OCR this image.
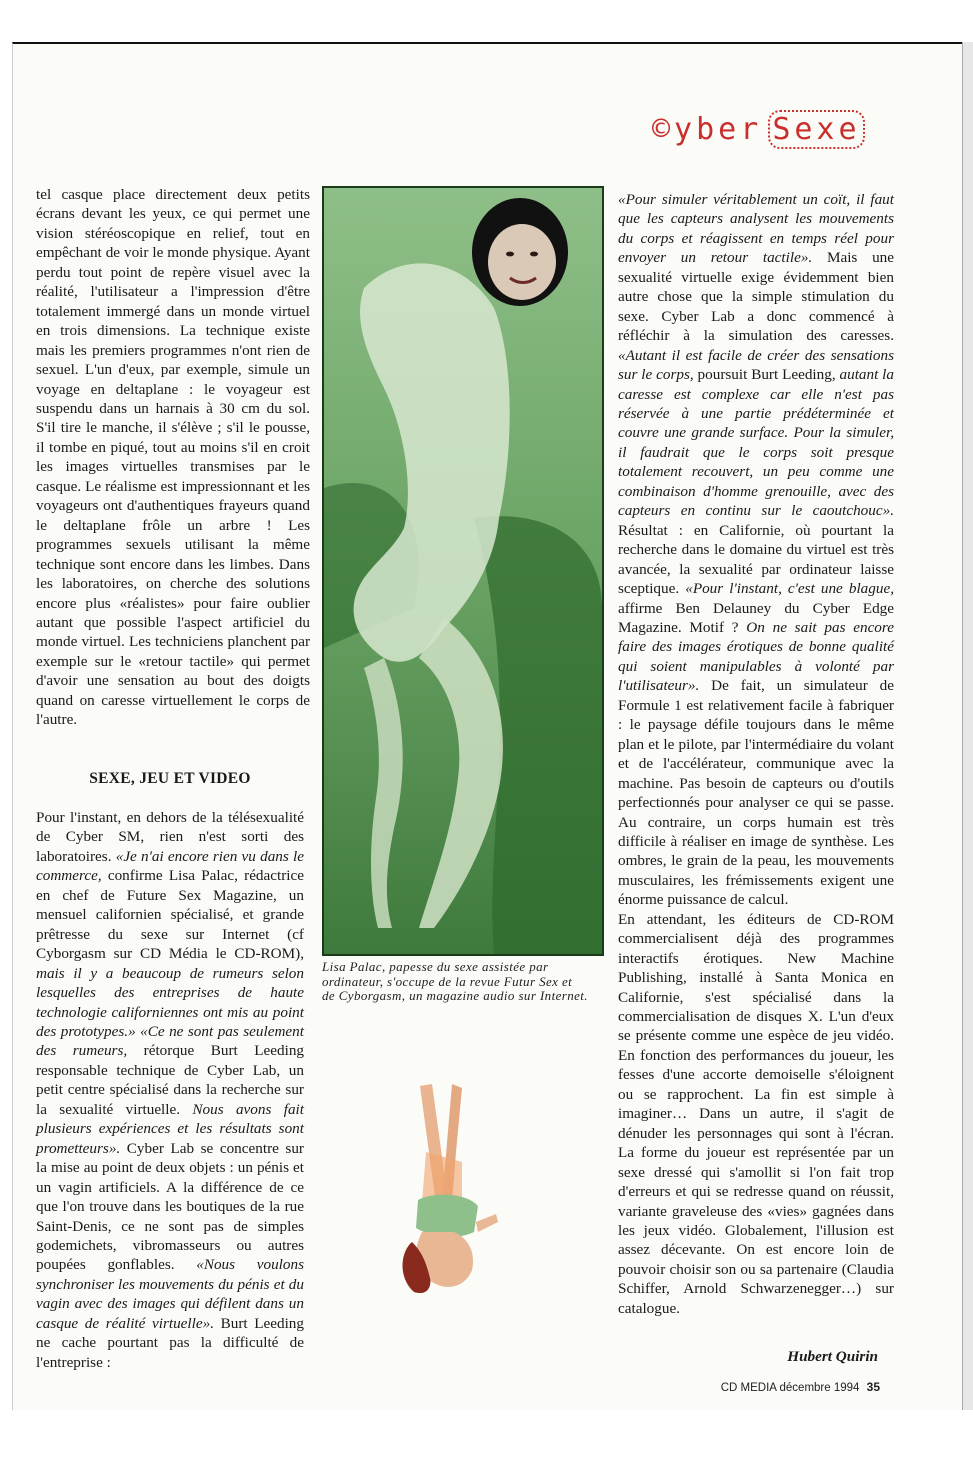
©yber Sexe

tel casque place directement deux petits écrans devant les yeux, ce qui permet une vision stéréoscopique en relief, tout en empêchant de voir le monde physique. Ayant perdu tout point de repère visuel avec la réalité, l'utilisateur a l'impression d'être totalement immergé dans un monde virtuel en trois dimensions. La technique existe mais les premiers programmes n'ont rien de sexuel. L'un d'eux, par exemple, simule un voyage en deltaplane : le voyageur est suspendu dans un harnais à 30 cm du sol. S'il tire le manche, il s'élève ; s'il le pousse, il tombe en piqué, tout au moins s'il en croit les images virtuelles transmises par le casque. Le réalisme est impressionnant et les voyageurs ont d'authentiques frayeurs quand le deltaplane frôle un arbre ! Les programmes sexuels utilisant la même technique sont encore dans les limbes. Dans les laboratoires, on cherche des solutions encore plus «réalistes» pour faire oublier autant que possible l'aspect artificiel du monde virtuel. Les techniciens planchent par exemple sur le «retour tactile» qui permet d'avoir une sensation au bout des doigts quand on caresse virtuellement le corps de l'autre.

SEXE, JEU ET VIDEO

Pour l'instant, en dehors de la télésexualité de Cyber SM, rien n'est sorti des laboratoires. «Je n'ai encore rien vu dans le commerce, confirme Lisa Palac, rédactrice en chef de Future Sex Magazine, un mensuel californien spécialisé, et grande prêtresse du sexe sur Internet (cf Cyborgasm sur CD Média le CD-ROM), mais il y a beaucoup de rumeurs selon lesquelles des entreprises de haute technologie californiennes ont mis au point des prototypes.» «Ce ne sont pas seulement des rumeurs, rétorque Burt Leeding responsable technique de Cyber Lab, un petit centre spécialisé dans la recherche sur la sexualité virtuelle. Nous avons fait plusieurs expériences et les résultats sont prometteurs». Cyber Lab se concentre sur la mise au point de deux objets : un pénis et un vagin artificiels. A la différence de ce que l'on trouve dans les boutiques de la rue Saint-Denis, ce ne sont pas de simples godemichets, vibromasseurs ou autres poupées gonflables. «Nous voulons synchroniser les mouvements du pénis et du vagin avec des images qui défilent dans un casque de réalité virtuelle». Burt Leeding ne cache pourtant pas la difficulté de l'entreprise :

Lisa Palac, papesse du sexe assistée par ordinateur, s'occupe de la revue Futur Sex et de Cyborgasm, un magazine audio sur Internet.

«Pour simuler véritablement un coït, il faut que les capteurs analysent les mouvements du corps et réagissent en temps réel pour envoyer un retour tactile». Mais une sexualité virtuelle exige évidemment bien autre chose que la simple stimulation du sexe. Cyber Lab a donc commencé à réfléchir à la simulation des caresses. «Autant il est facile de créer des sensations sur le corps, poursuit Burt Leeding, autant la caresse est complexe car elle n'est pas réservée à une partie prédéterminée et couvre une grande surface. Pour la simuler, il faudrait que le corps soit presque totalement recouvert, un peu comme une combinaison d'homme grenouille, avec des capteurs en continu sur le caoutchouc». Résultat : en Californie, où pourtant la recherche dans le domaine du virtuel est très avancée, la sexualité par ordinateur laisse sceptique. «Pour l'instant, c'est une blague, affirme Ben Delauney du Cyber Edge Magazine. Motif ? On ne sait pas encore faire des images érotiques de bonne qualité qui soient manipulables à volonté par l'utilisateur». De fait, un simulateur de Formule 1 est relativement facile à fabriquer : le paysage défile toujours dans le même plan et le pilote, par l'intermédiaire du volant et de l'accélérateur, communique avec la machine. Pas besoin de capteurs ou d'outils perfectionnés pour analyser ce qui se passe. Au contraire, un corps humain est très difficile à réaliser en image de synthèse. Les ombres, le grain de la peau, les mouvements musculaires, les frémissements exigent une énorme puissance de calcul.

En attendant, les éditeurs de CD-ROM commercialisent déjà des programmes interactifs érotiques. New Machine Publishing, installé à Santa Monica en Californie, s'est spécialisé dans la commercialisation de disques X. L'un d'eux se présente comme une espèce de jeu vidéo. En fonction des performances du joueur, les fesses d'une accorte demoiselle s'éloignent ou se rapprochent. La fin est simple à imaginer… Dans un autre, il s'agit de dénuder les personnages qui sont à l'écran. La forme du joueur est représentée par un sexe dressé qui s'amollit si l'on fait trop d'erreurs et qui se redresse quand on réussit, variante graveleuse des «vies» gagnées dans les jeux vidéo. Globalement, l'illusion est assez décevante. On est encore loin de pouvoir choisir son ou sa partenaire (Claudia Schiffer, Arnold Schwarzenegger…) sur catalogue.

Hubert Quirin
CD MEDIA décembre 1994 35
